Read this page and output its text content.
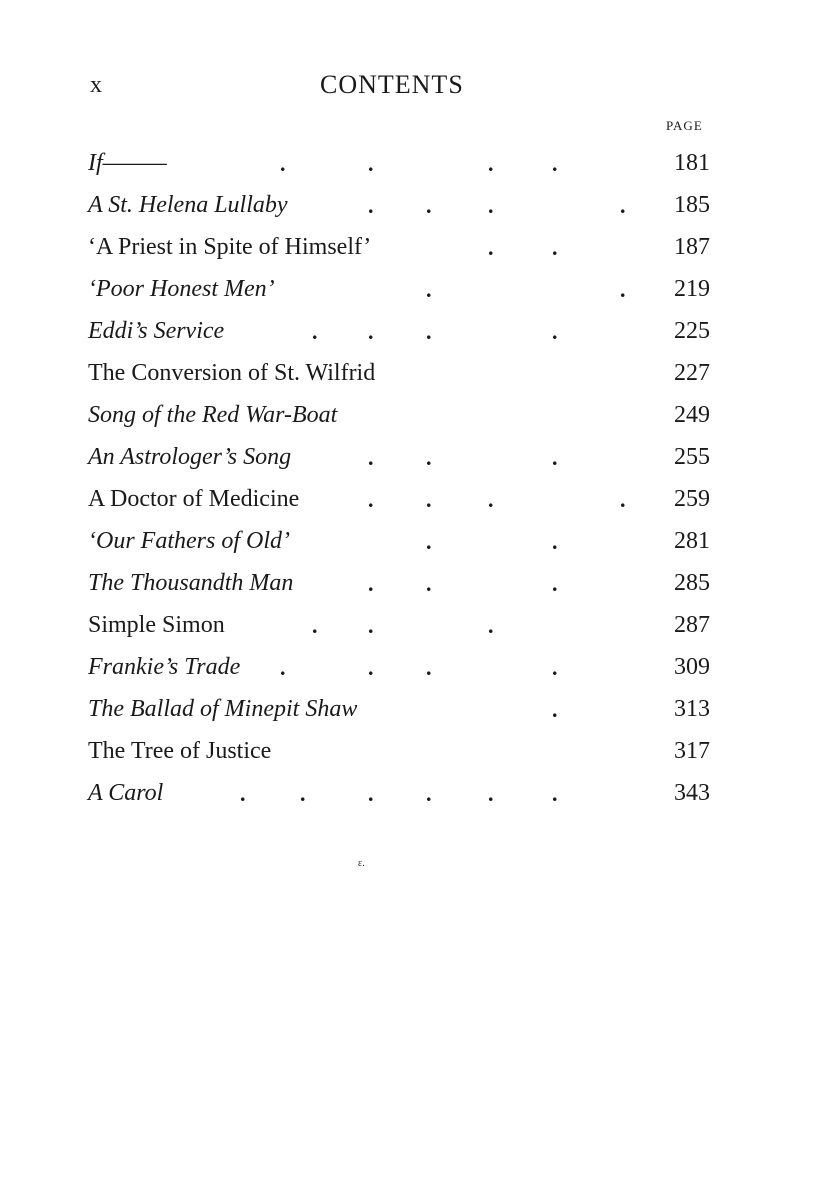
x	CONTENTS
PAGE
If———	.	.	.	.	181
A St. Helena Lullaby	. .	.	. 185
‘A Priest in Spite of Himself’	.	.	187
‘Poor Honest Men’	.	. 219
Eddi’s Service	. . .	.	225
The Conversion of St. Wilfrid	227
Song of the Red War-Boat	249
An Astrologer’s Song	. .	.	255
A Doctor of Medicine	. .	.	. 259
‘Our Fathers of Old’	.	.	281
The Thousandth Man	. .	.	285
Simple Simon	. .	.	287
Frankie’s Trade .	. .	.	309
The Ballad of Minepit Shaw	.	313
The Tree of Justice	317
A Carol	. .	. .	.	.	343
ε.
